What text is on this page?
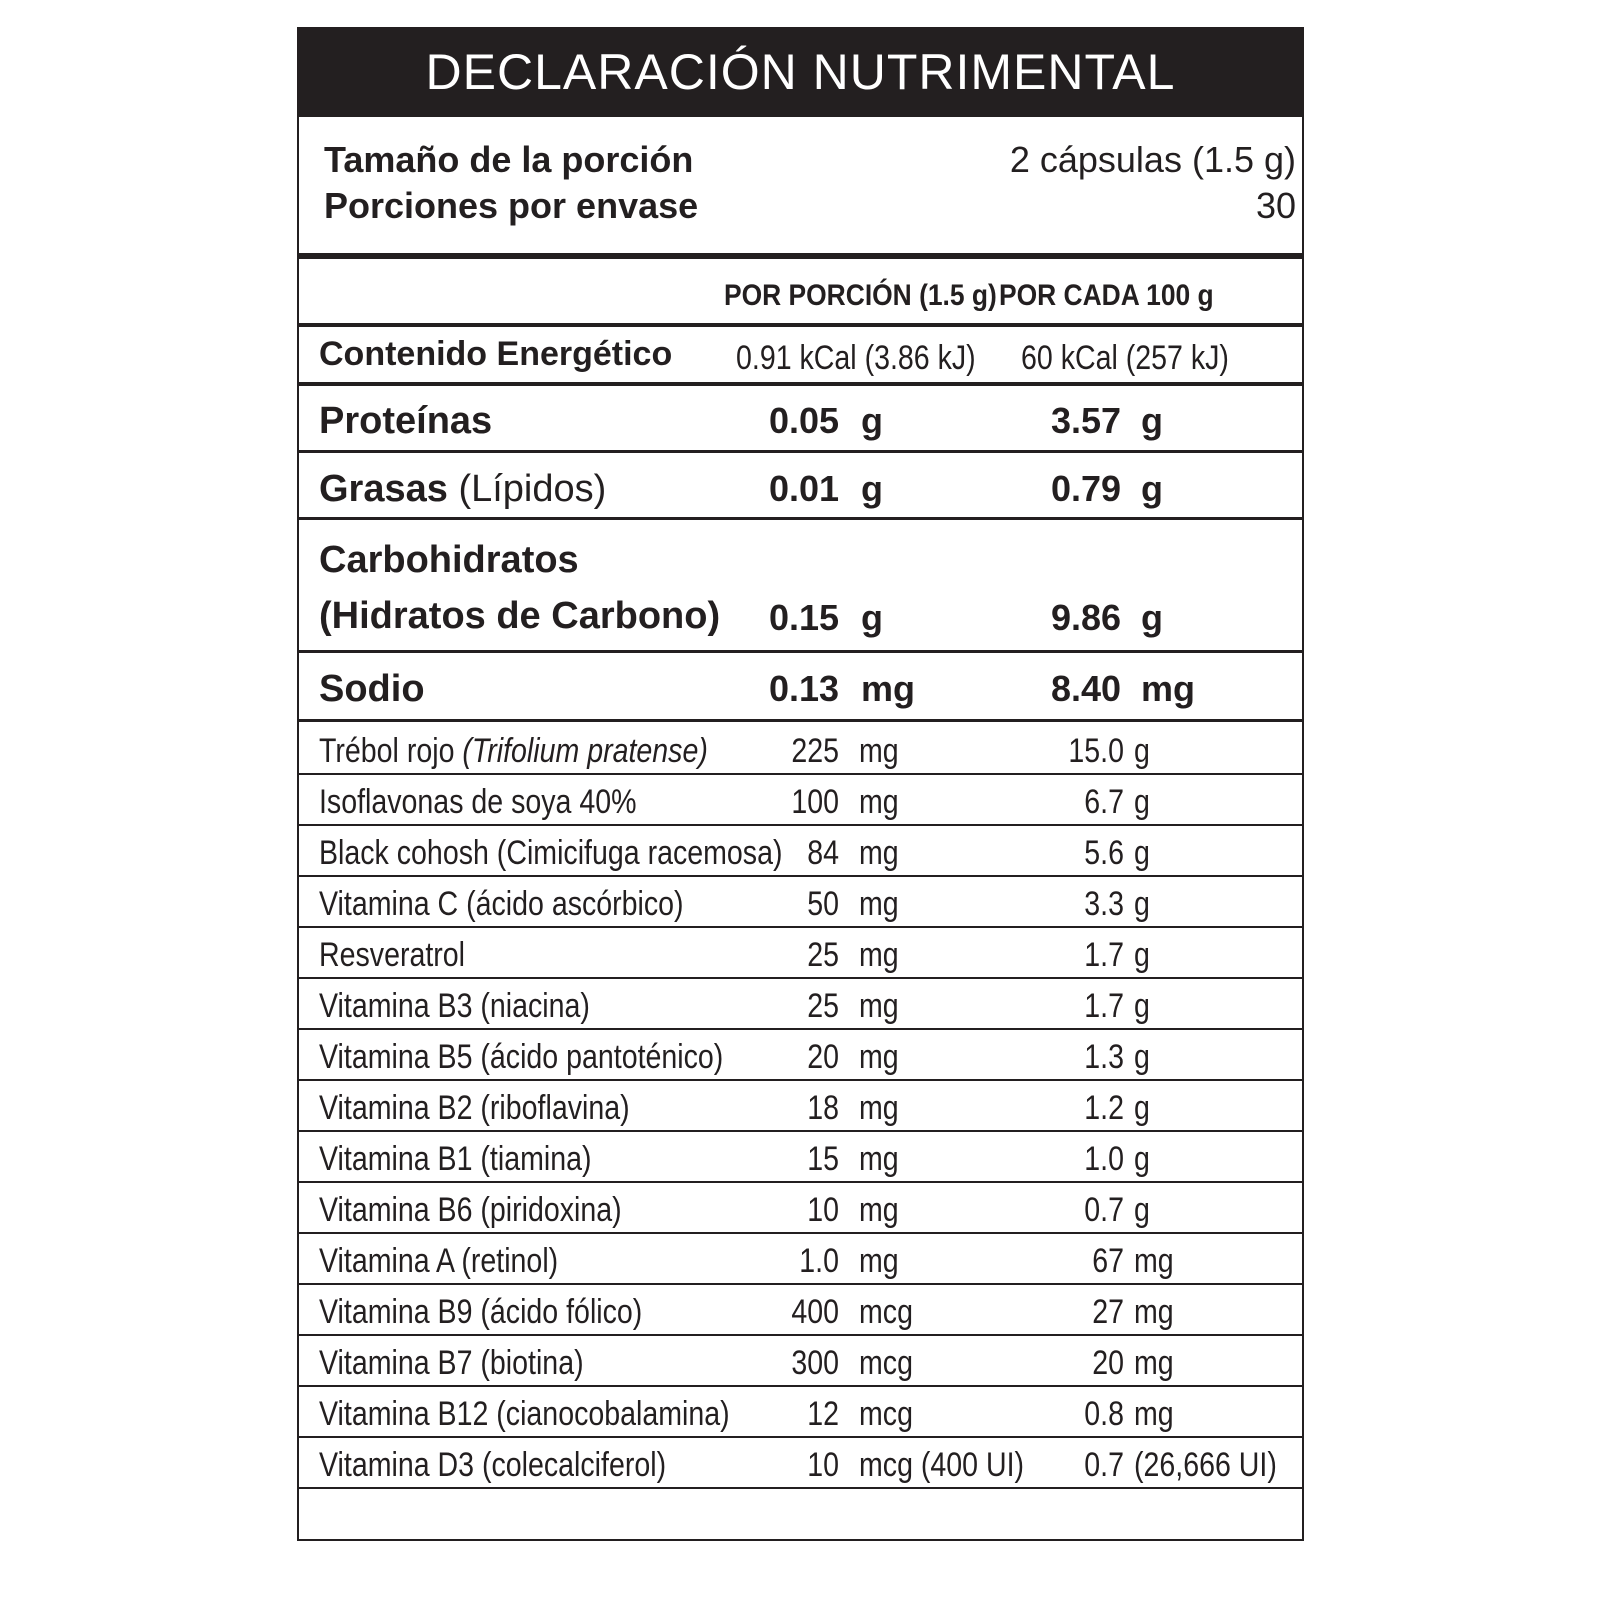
DECLARACIÓN NUTRIMENTAL
Tamaño de la porción	2 cápsulas (1.5 g)
Porciones por envase	30
POR PORCIÓN (1.5 g) POR CADA 100 g
Contenido Energético 0.91 kCal (3.86 kJ) 60 kCal (257 kJ)
Proteínas	0.05 g	3.57 g
Grasas (Lípidos)	0.01 g	0.79 g
Carbohidratos
(Hidratos de Carbono) 0.15 g	9.86 g
Sodio	0.13 mg	8.40 mg
Trébol rojo (Trifolium pratense)	225 mg	15.0 g
Isoflavonas de soya 40%	100 mg	6.7 g
Black cohosh (Cimicifuga racemosa) 84 mg	5.6 g
Vitamina C (ácido ascórbico)	50 mg	3.3 g
Resveratrol	25 mg	1.7 g
Vitamina B3 (niacina)	25 mg	1.7 g
Vitamina B5 (ácido pantoténico)	20 mg	1.3 g
Vitamina B2 (riboflavina)	18 mg	1.2 g
Vitamina B1 (tiamina)	15 mg	1.0 g
Vitamina B6 (piridoxina)	10 mg	0.7 g
Vitamina A (retinol)	1.0 mg	67 mg
Vitamina B9 (ácido fólico)	400 mcg	27 mg
Vitamina B7 (biotina)	300 mcg	20 mg
Vitamina B12 (cianocobalamina)	12 mcg	0.8 mg
Vitamina D3 (colecalciferol)	10 mcg (400 UI)	0.7 (26,666 UI)
